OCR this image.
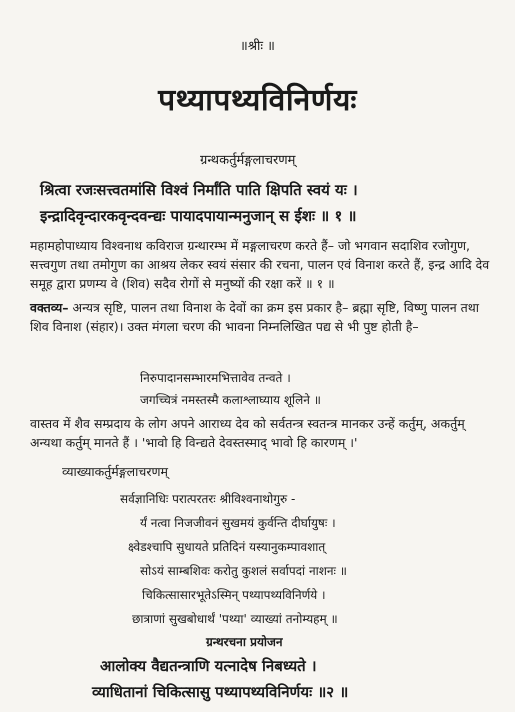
॥श्रीः ॥
पथ्यापथ्यविनिर्णयः
ग्रन्थकर्तुर्मङ्गलाचरणम्
श्रित्वा रजःसत्त्वतमांसि विश्वं निर्मांति पाति क्षिपति स्वयं यः ।
इन्द्रादिवृन्दारकवृन्दवन्द्यः पायादपायान्मनुजान् स ईशः ॥ १ ॥
महामहोपाध्याय विश्वनाथ कविराज ग्रन्थारम्भ में मङ्गलाचरण करते हैं– जो भगवान सदाशिव रजोगुण, सत्त्वगुण तथा तमोगुण का आश्रय लेकर स्वयं संसार की रचना, पालन एवं विनाश करते हैं, इन्द्र आदि देव समूह द्वारा प्रणम्य वे (शिव) सदैव रोगों से मनुष्यों की रक्षा करें ॥ १ ॥
वक्तव्य– अन्यत्र सृष्टि, पालन तथा विनाश के देवों का क्रम इस प्रकार है– ब्रह्मा सृष्टि, विष्णु पालन तथा शिव विनाश (संहार)। उक्त मंगला चरण की भावना निम्नलिखित पद्य से भी पुष्ट होती है–
निरुपादानसम्भारमभित्तावेव तन्वते ।
जगच्चित्रं नमस्तस्मै कलाश्लाघ्याय शूलिने ॥
वास्तव में शैव सम्प्रदाय के लोग अपने आराध्य देव को सर्वतन्त्र स्वतन्त्र मानकर उन्हें कर्तुम्, अकर्तुम् अन्यथा कर्तुम् मानते हैं । 'भावो हि विन्द्यते देवस्तस्माद् भावो हि कारणम् ।'
व्याख्याकर्तुर्मङ्गलाचरणम्
सर्वज्ञानिधिः परात्परतरः श्रीविश्वनाथोगुरु -
र्यं नत्वा निजजीवनं सुखमयं कुर्वन्ति दीर्घायुषः ।
क्ष्वेडश्चापि सुधायते प्रतिदिनं यस्यानुकम्पावशात्
सोऽयं साम्बशिवः करोतु कुशलं सर्वापदां नाशनः ॥
चिकित्सासारभूतेऽस्मिन् पथ्यापथ्यविनिर्णये ।
छात्राणां सुखबोधार्थं 'पथ्या' व्याख्यां तनोम्यहम् ॥
ग्रन्थरचना प्रयोजन
आलोक्य वैद्यतन्त्राणि यत्नादेष निबध्यते ।
व्याधितानां चिकित्सासु पथ्यापथ्यविनिर्णयः ॥२ ॥
